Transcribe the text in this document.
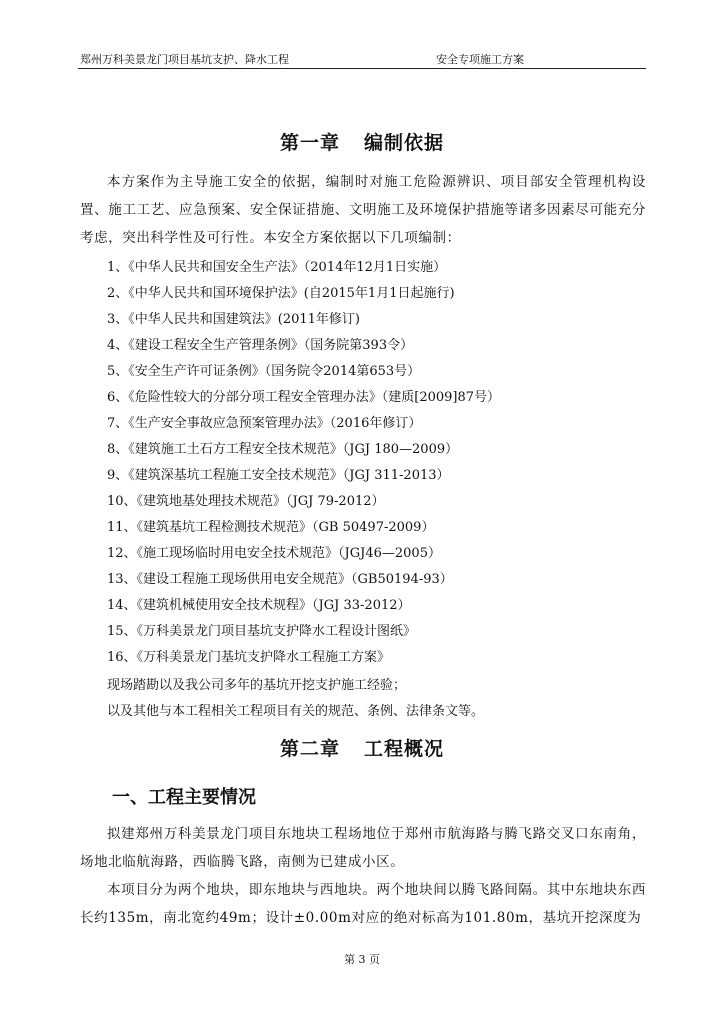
郑州万科美景龙门项目基坑支护、降水工程	安全专项施工方案
第一章 编制依据
本方案作为主导施工安全的依据，编制时对施工危险源辨识、项目部安全管理机构设置、施工工艺、应急预案、安全保证措施、文明施工及环境保护措施等诸多因素尽可能充分考虑，突出科学性及可行性。本安全方案依据以下几项编制：
1、《中华人民共和国安全生产法》（2014年12月1日实施）
2、《中华人民共和国环境保护法》(自2015年1月1日起施行)
3、《中华人民共和国建筑法》(2011年修订)
4、《建设工程安全生产管理条例》（国务院第393令）
5、《安全生产许可证条例》（国务院令2014第653号）
6、《危险性较大的分部分项工程安全管理办法》（建质[2009]87号）
7、《生产安全事故应急预案管理办法》（2016年修订）
8、《建筑施工土石方工程安全技术规范》（JGJ 180—2009）
9、《建筑深基坑工程施工安全技术规范》（JGJ 311-2013）
10、《建筑地基处理技术规范》（JGJ 79-2012）
11、《建筑基坑工程检测技术规范》（GB 50497-2009）
12、《施工现场临时用电安全技术规范》（JGJ46—2005）
13、《建设工程施工现场供用电安全规范》（GB50194-93）
14、《建筑机械使用安全技术规程》（JGJ 33-2012）
15、《万科美景龙门项目基坑支护降水工程设计图纸》
16、《万科美景龙门基坑支护降水工程施工方案》
现场踏勘以及我公司多年的基坑开挖支护施工经验；
以及其他与本工程相关工程项目有关的规范、条例、法律条文等。
第二章 工程概况
一、工程主要情况
拟建郑州万科美景龙门项目东地块工程场地位于郑州市航海路与腾飞路交叉口东南角，场地北临航海路，西临腾飞路，南侧为已建成小区。
本项目分为两个地块，即东地块与西地块。两个地块间以腾飞路间隔。其中东地块东西长约135m，南北宽约49m；设计±0.00m对应的绝对标高为101.80m，基坑开挖深度为
第 3 页
